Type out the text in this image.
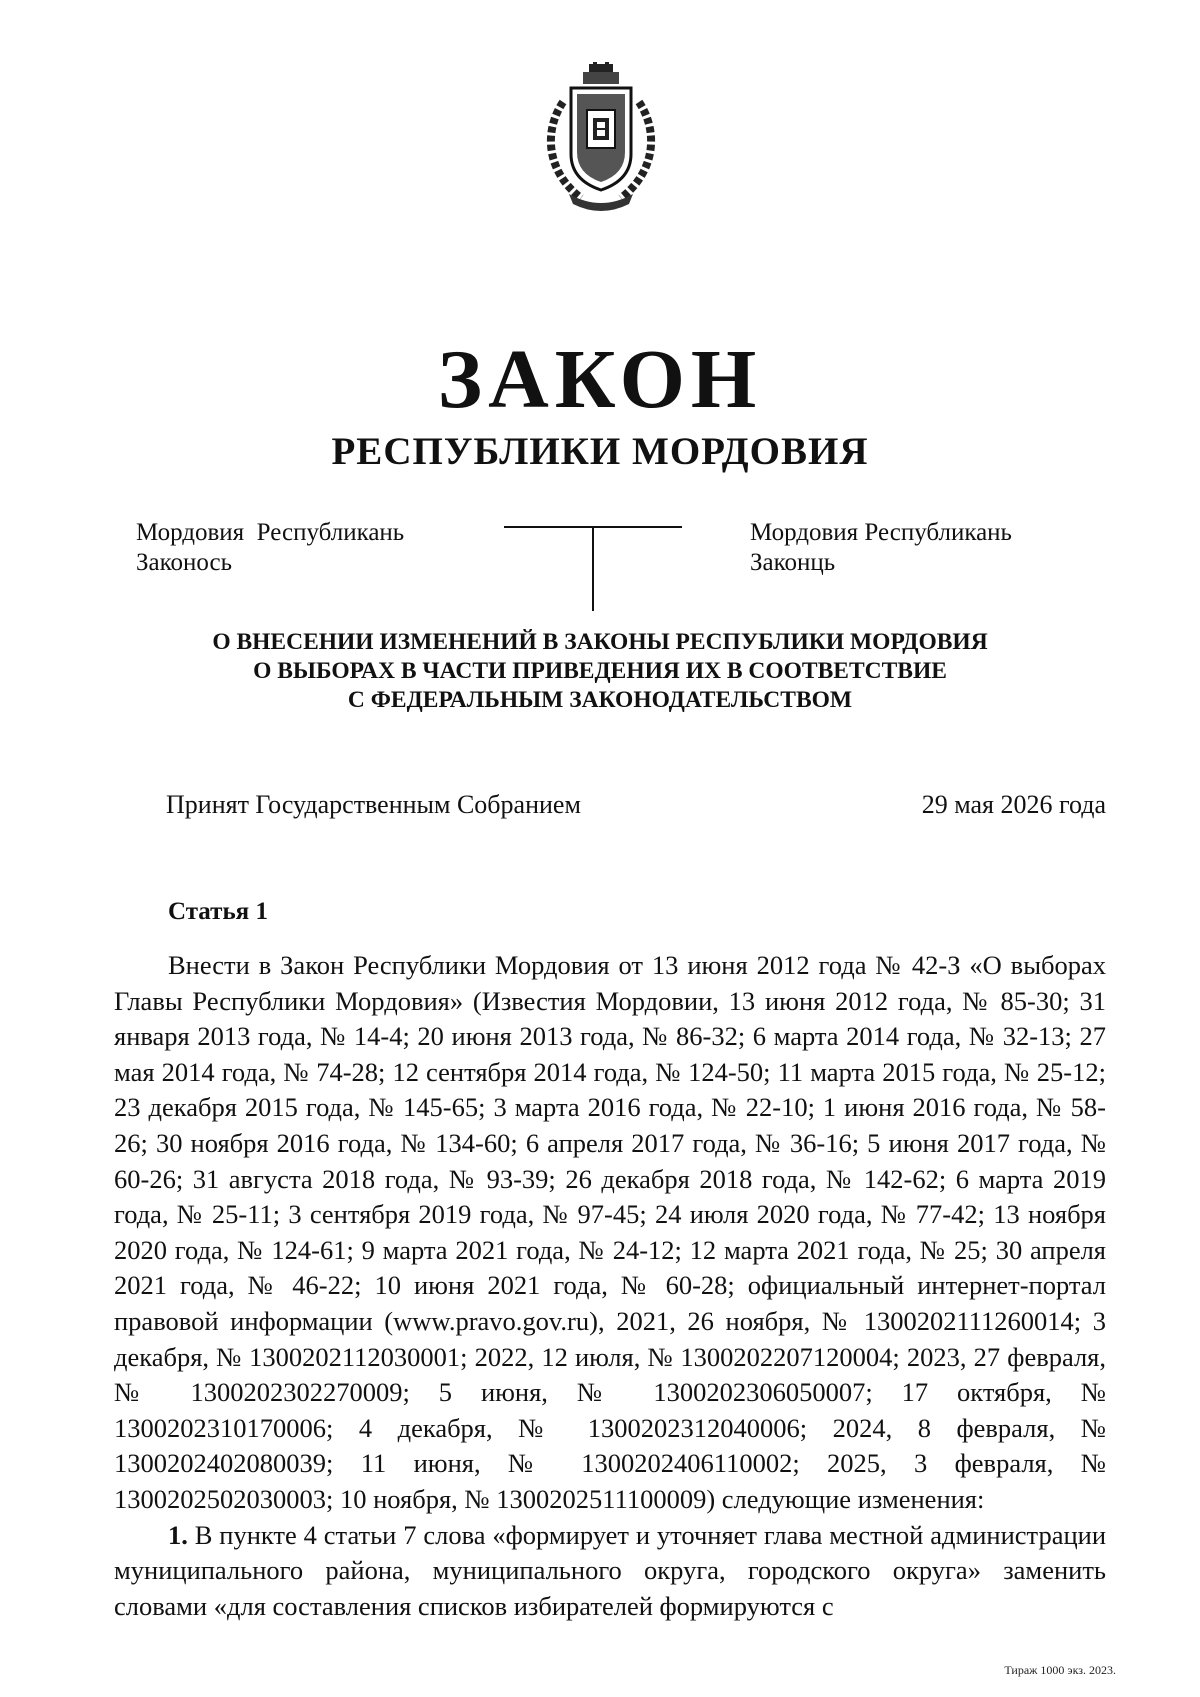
ЗАКОН
РЕСПУБЛИКИ МОРДОВИЯ
Мордовия  Республикань
Законось
Мордовия Республикань
Законць
О ВНЕСЕНИИ ИЗМЕНЕНИЙ В ЗАКОНЫ РЕСПУБЛИКИ МОРДОВИЯ
О ВЫБОРАХ В ЧАСТИ ПРИВЕДЕНИЯ ИХ В СООТВЕТСТВИЕ
С ФЕДЕРАЛЬНЫМ ЗАКОНОДАТЕЛЬСТВОМ
Принят Государственным Собранием	29 мая 2026 года
Статья 1

Внести в Закон Республики Мордовия от 13 июня 2012 года № 42-З «О выборах Главы Республики Мордовия» (Известия Мордовии, 13 июня 2012 года, № 85-30; 31 января 2013 года, № 14-4; 20 июня 2013 года, № 86-32; 6 марта 2014 года, № 32-13; 27 мая 2014 года, № 74-28; 12 сентября 2014 года, № 124-50; 11 марта 2015 года, № 25-12; 23 декабря 2015 года, № 145-65; 3 марта 2016 года, № 22-10; 1 июня 2016 года, № 58-26; 30 ноября 2016 года, № 134-60; 6 апреля 2017 года, № 36-16; 5 июня 2017 года, № 60-26; 31 августа 2018 года, № 93-39; 26 декабря 2018 года, № 142-62; 6 марта 2019 года, № 25-11; 3 сентября 2019 года, № 97-45; 24 июля 2020 года, № 77-42; 13 ноября 2020 года, № 124-61; 9 марта 2021 года, № 24-12; 12 марта 2021 года, № 25; 30 апреля 2021 года, № 46-22; 10 июня 2021 года, № 60-28; официальный интернет-портал правовой информации (www.pravo.gov.ru), 2021, 26 ноября, № 1300202111260014; 3 декабря, № 1300202112030001; 2022, 12 июля, № 1300202207120004; 2023, 27 февраля, № 1300202302270009; 5 июня, № 1300202306050007; 17 октября, № 1300202310170006; 4 декабря, № 1300202312040006; 2024, 8 февраля, № 1300202402080039; 11 июня, № 1300202406110002; 2025, 3 февраля, № 1300202502030003; 10 ноября, № 1300202511100009) следующие изменения:

1. В пункте 4 статьи 7 слова «формирует и уточняет глава местной администрации муниципального района, муниципального округа, городского округа» заменить словами «для составления списков избирателей формируются с

Тираж 1000 экз. 2023.
